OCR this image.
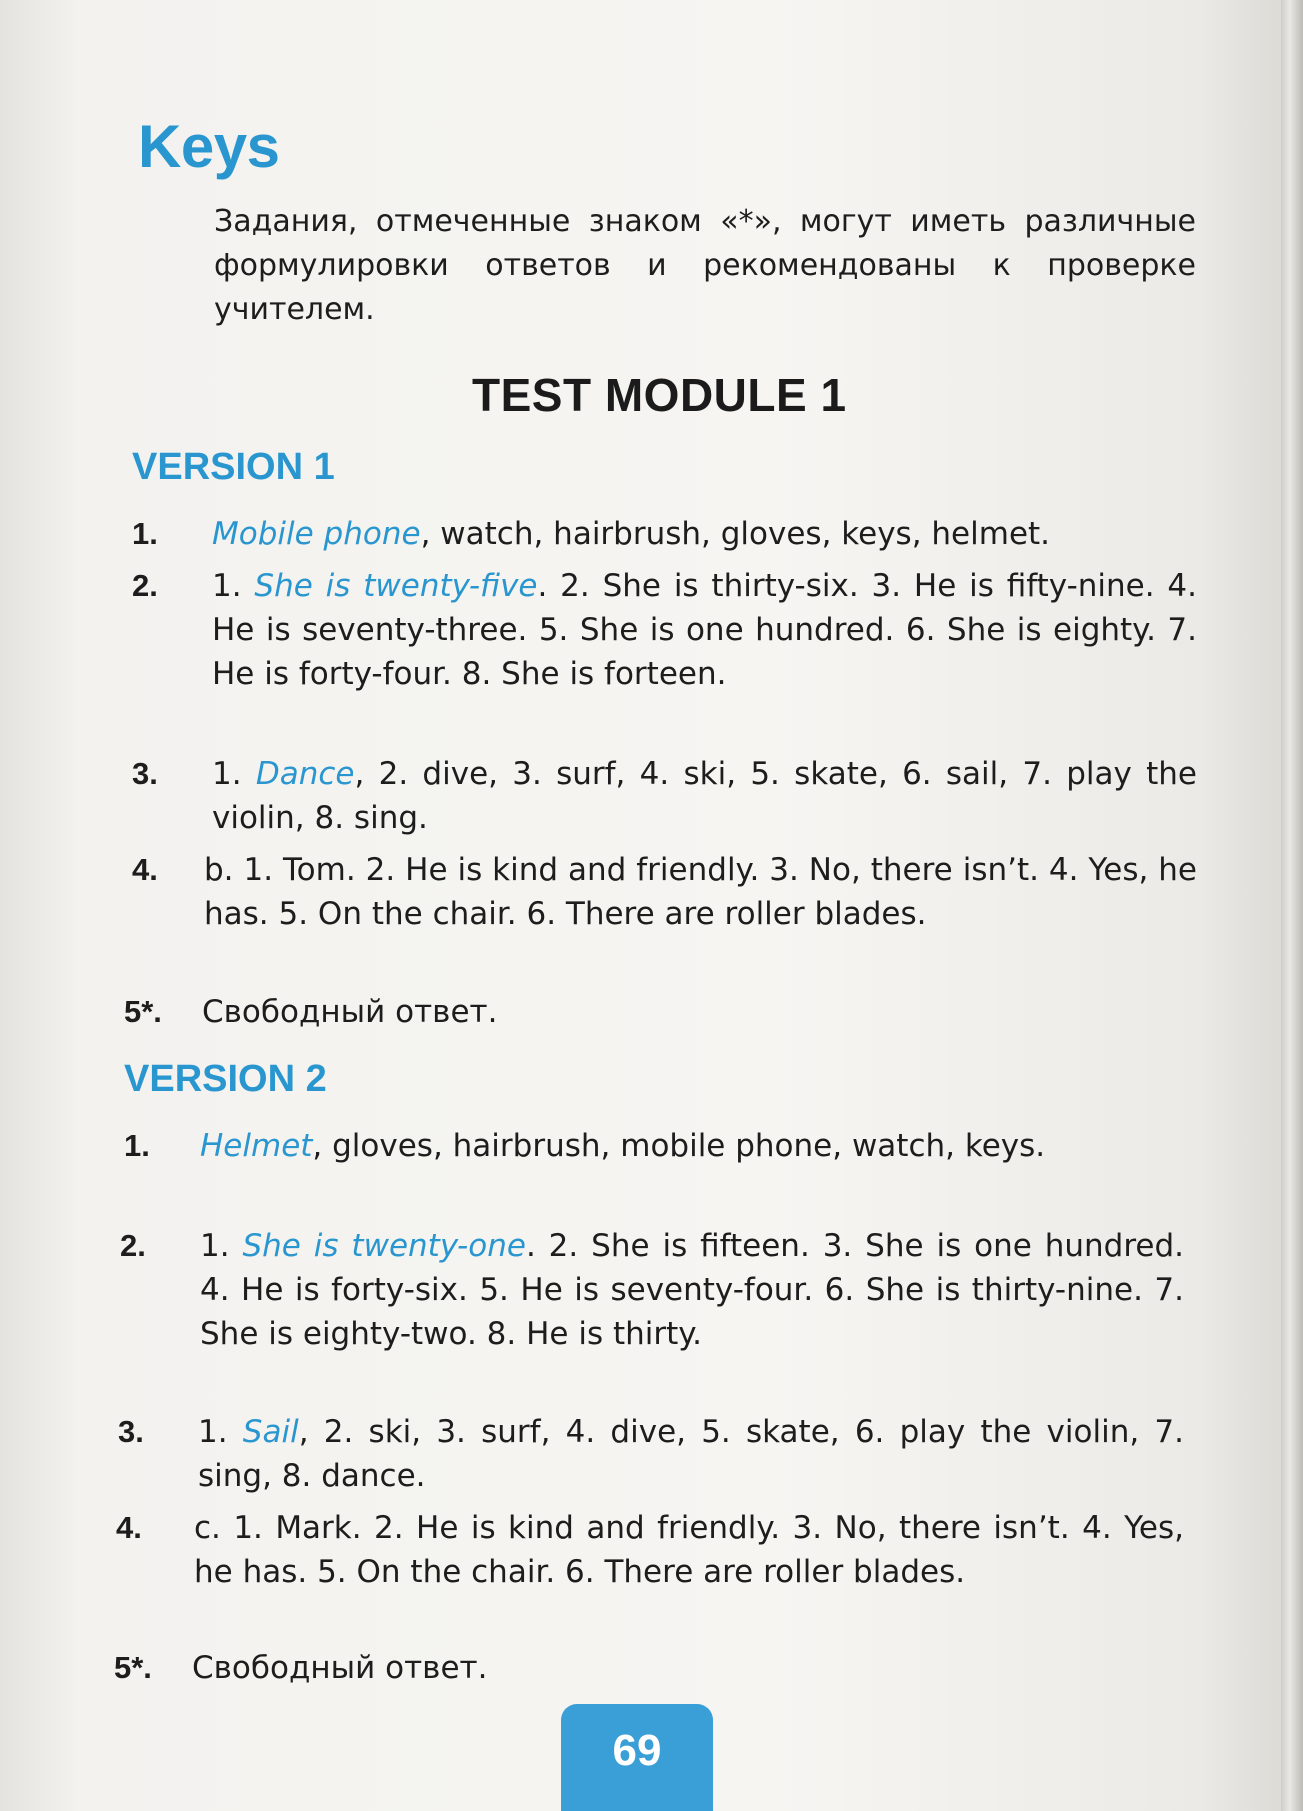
Keys

Задания, отмеченные знаком «*», могут иметь различные формулировки ответов и рекомендованы к проверке учителем.

TEST MODULE 1
VERSION 1
1. Mobile phone, watch, hairbrush, gloves, keys, helmet.
2. 1. She is twenty-five. 2. She is thirty-six. 3. He is fifty-nine. 4. He is seventy-three. 5. She is one hundred. 6. She is eighty. 7. He is forty-four. 8. She is forteen.
3. 1. Dance, 2. dive, 3. surf, 4. ski, 5. skate, 6. sail, 7. play the violin, 8. sing.
4. b. 1. Tom. 2. He is kind and friendly. 3. No, there isn’t. 4. Yes, he has. 5. On the chair. 6. There are roller blades.
5*. Свободный ответ.
VERSION 2
1. Helmet, gloves, hairbrush, mobile phone, watch, keys.
2. 1. She is twenty-one. 2. She is fifteen. 3. She is one hundred. 4. He is forty-six. 5. He is seventy-four. 6. She is thirty-nine. 7. She is eighty-two. 8. He is thirty.
3. 1. Sail, 2. ski, 3. surf, 4. dive, 5. skate, 6. play the violin, 7. sing, 8. dance.
4. c. 1. Mark. 2. He is kind and friendly. 3. No, there isn’t. 4. Yes, he has. 5. On the chair. 6. There are roller blades.
5*. Свободный ответ.
69
